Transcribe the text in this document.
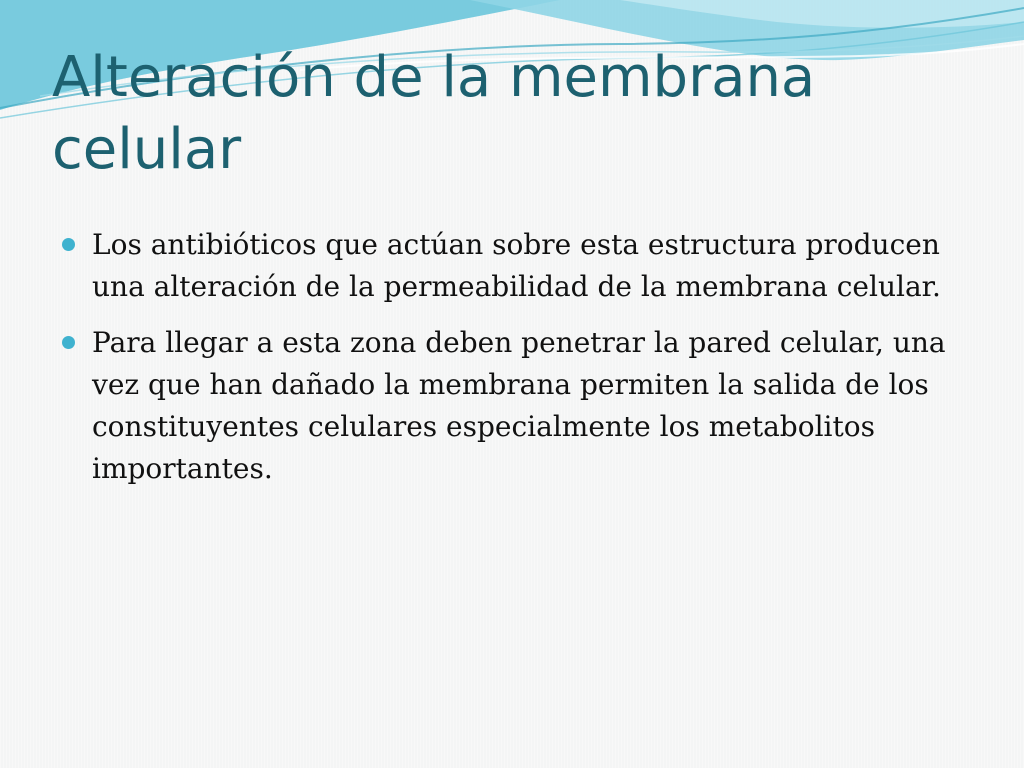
Alteración de la membrana celular
Los antibióticos que actúan sobre esta estructura producen una alteración de la permeabilidad de la membrana celular.
Para llegar a esta zona deben penetrar la pared celular, una vez que han dañado la membrana permiten la salida de los constituyentes celulares especialmente los metabolitos importantes.
